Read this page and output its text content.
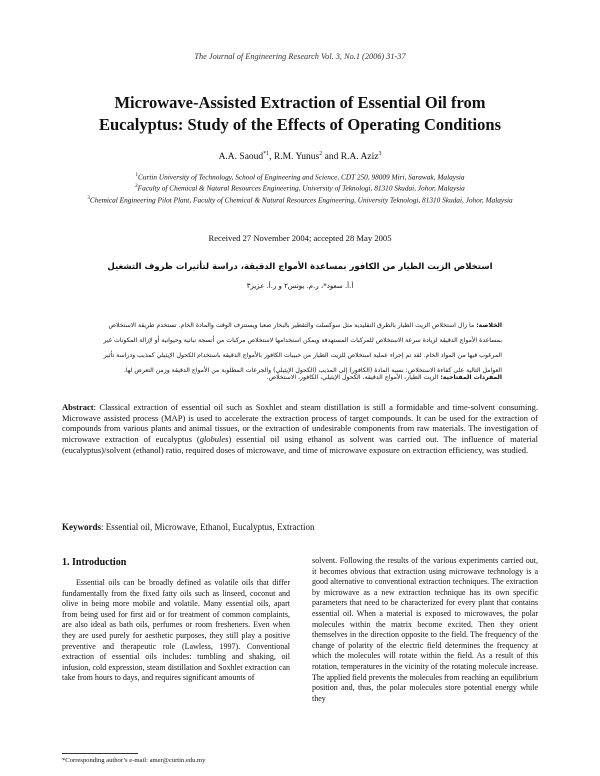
The Journal of Engineering Research Vol. 3, No.1 (2006) 31-37
Microwave-Assisted Extraction of Essential Oil from
Eucalyptus: Study of the Effects of Operating Conditions
A.A. Saoud$^{*1}$, R.M. Yunus$^2$ and R.A. Aziz$^3$
$^1$Curtin University of Technology, School of Engineering and Science, CDT 250, 98009 Miri, Sarawak, Malaysia
$^2$Faculty of Chemical & Natural Resources Engineering, University of Teknologi, 81310 Skudai, Johor, Malaysia
$^3$Chemical Engineering Pilot Plant, Faculty of Chemical & Natural Resources Engineering, University Teknologi, 81310 Skudai, Johor, Malaysia
Received 27 November 2004; accepted 28 May 2005
استخلاص الزيت الطيار من الكافور بمساعدة الأمواج الدقيقة، دراسة لتأثيرات ظروف التشغيل
أ.أ. سعود*، ر.م. يونس٢ و ر.أ. عزيز٣
الخلاصة: ما زال استخلاص الزيت الطيار بالطرق التقليدية مثل سوكسلت والتقطير بالبخار صعبا ويستنزف الوقت والمادة الخام. تستخدم طريقة الاستخلاص بمساعدة الأمواج الدقيقة لزيادة سرعة الاستخلاص للمركبات المستهدفة ويمكن استخدامها لاستخلاص مركبات من أنسجة نباتية وحيوانية أو لإزالة المكونات غير المرغوب فيها من المواد الخام. لقد تم إجراء عملية استخلاص للزيت الطيار من حبيبات الكافور بالأمواج الدقيقة باستخدام الكحول الإيثيلي كمذيب ودراسة تأثير العوامل التالية على كفاءة الاستخلاص: نسبة المادة (الكافور) إلى المذيب (الكحول الإيثيلي) والجرعات المطلوبة من الأمواج الدقيقة وزمن التعرض لها.
المفردات المفتاحية: الزيت الطيار، الأمواج الدقيقة، الكحول الإيثيلي، الكافور، الاستخلاص.

Abstract: Classical extraction of essential oil such as Soxhlet and steam distillation is still a formidable and time-solvent consuming. Microwave assisted process (MAP) is used to accelerate the extraction process of target compounds. It can be used for the extraction of compounds from various plants and animal tissues, or the extraction of undesirable components from raw materials. The investigation of microwave extraction of eucalyptus (globules) essential oil using ethanol as solvent was carried out. The influence of material (eucalyptus)/solvent (ethanol) ratio, required doses of microwave, and time of microwave exposure on extraction efficiency, was studied.

Keywords: Essential oil, Microwave, Ethanol, Eucalyptus, Extraction

1. Introduction

Essential oils can be broadly defined as volatile oils that differ fundamentally from the fixed fatty oils such as linseed, coconut and olive in being more mobile and volatile. Many essential oils, apart from being used for first aid or for treatment of common complaints, are also ideal as bath oils, perfumes or room fresheners. Even when they are used purely for aesthetic purposes, they still play a positive preventive and therapeutic role (Lawless, 1997). Conventional extraction of essential oils includes: tumbling and shaking, oil infusion, cold expression, steam distillation and Soxhlet extraction can take from hours to days, and requires significant amounts of

solvent. Following the results of the various experiments carried out, it becomes obvious that extraction using microwave technology is a good alternative to conventional extraction techniques. The extraction by microwave as a new extraction technique has its own specific parameters that need to be characterized for every plant that contains essential oil. When a material is exposed to microwaves, the polar molecules within the matrix become excited. Then they orient themselves in the direction opposite to the field. The frequency of the change of polarity of the electric field determines the frequency at which the molecules will rotate within the field. As a result of this rotation, temperatures in the vicinity of the rotating molecule increase. The applied field prevents the molecules from reaching an equilibrium position and, thus, the polar molecules store potential energy while they

*Corresponding author’s e-mail: amer@curtin.edu.my
